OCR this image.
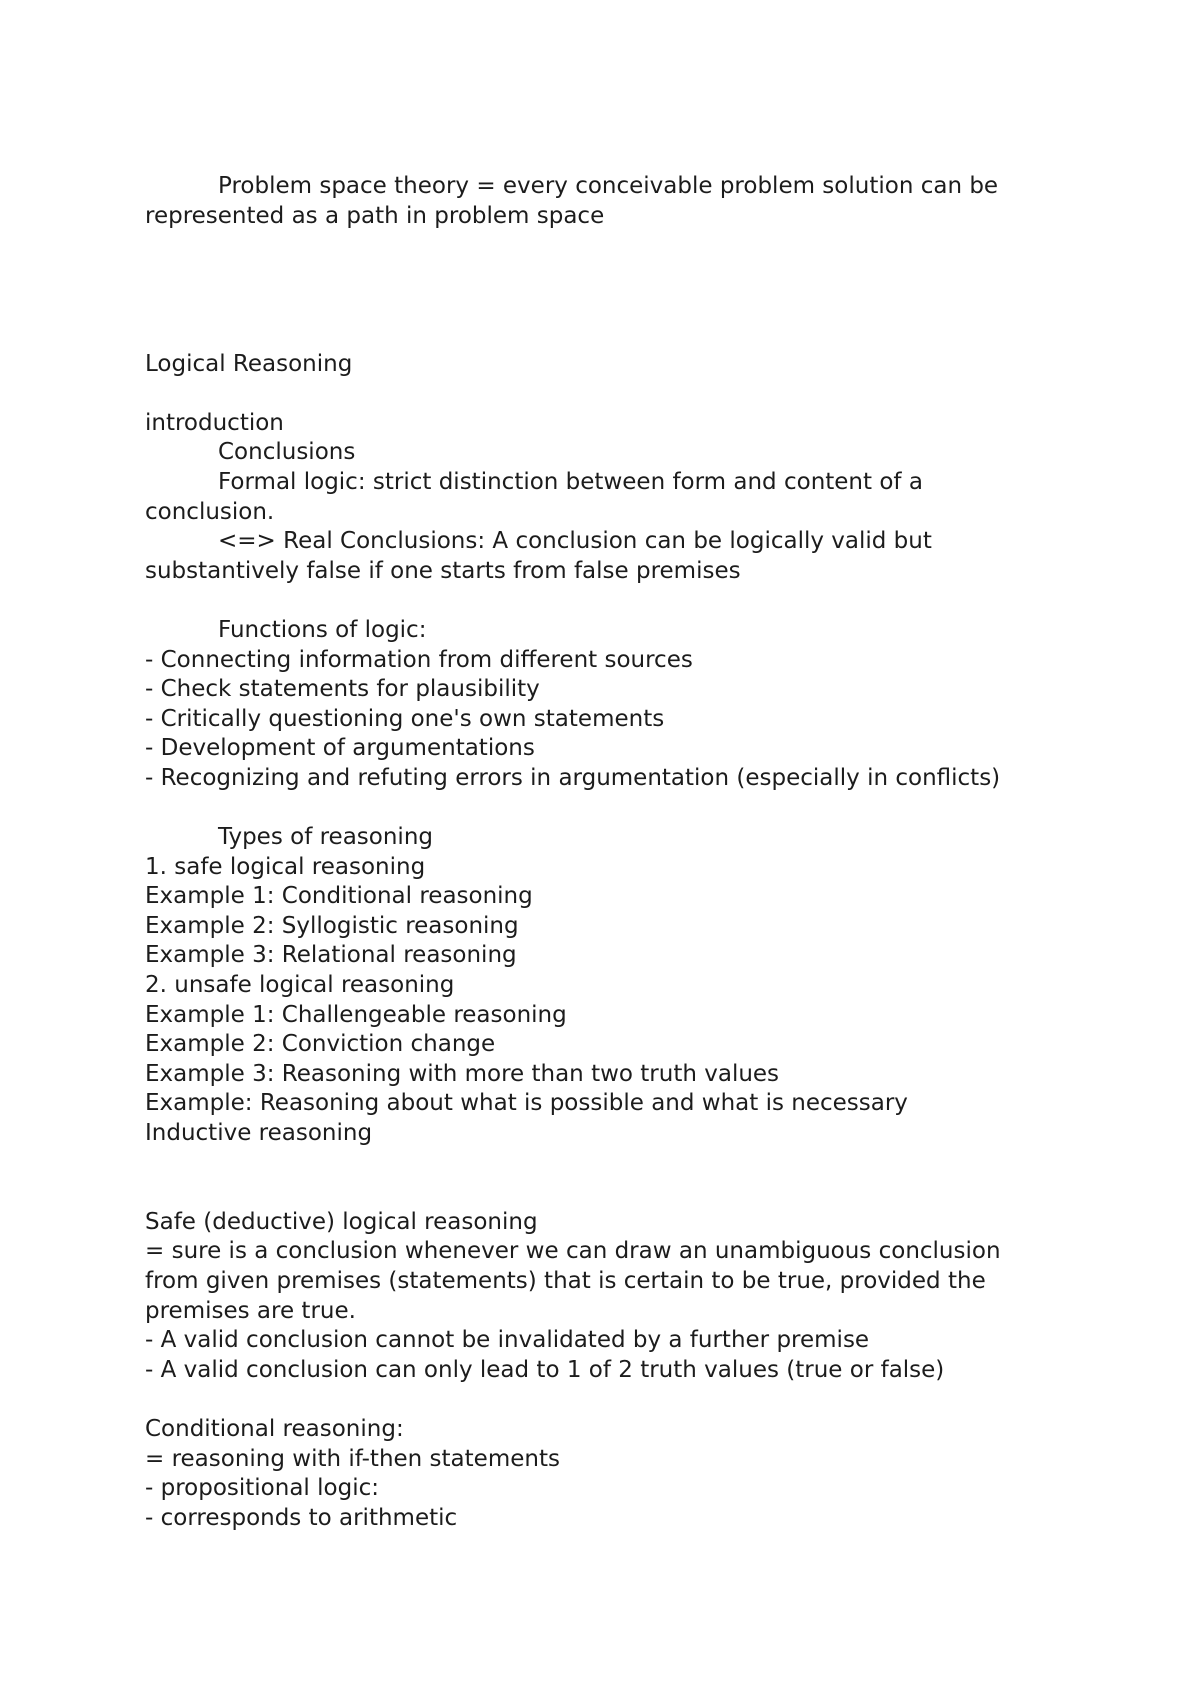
Problem space theory = every conceivable problem solution can be
represented as a path in problem space
Logical Reasoning
introduction
Conclusions
Formal logic: strict distinction between form and content of a
conclusion.
<=> Real Conclusions: A conclusion can be logically valid but
substantively false if one starts from false premises
Functions of logic:
- Connecting information from different sources
- Check statements for plausibility
- Critically questioning one's own statements
- Development of argumentations
- Recognizing and refuting errors in argumentation (especially in conflicts)
Types of reasoning
1. safe logical reasoning
Example 1: Conditional reasoning
Example 2: Syllogistic reasoning
Example 3: Relational reasoning
2. unsafe logical reasoning
Example 1: Challengeable reasoning
Example 2: Conviction change
Example 3: Reasoning with more than two truth values
Example: Reasoning about what is possible and what is necessary
Inductive reasoning
Safe (deductive) logical reasoning
= sure is a conclusion whenever we can draw an unambiguous conclusion
from given premises (statements) that is certain to be true, provided the
premises are true.
- A valid conclusion cannot be invalidated by a further premise
- A valid conclusion can only lead to 1 of 2 truth values (true or false)
Conditional reasoning:
= reasoning with if-then statements
- propositional logic:
- corresponds to arithmetic
